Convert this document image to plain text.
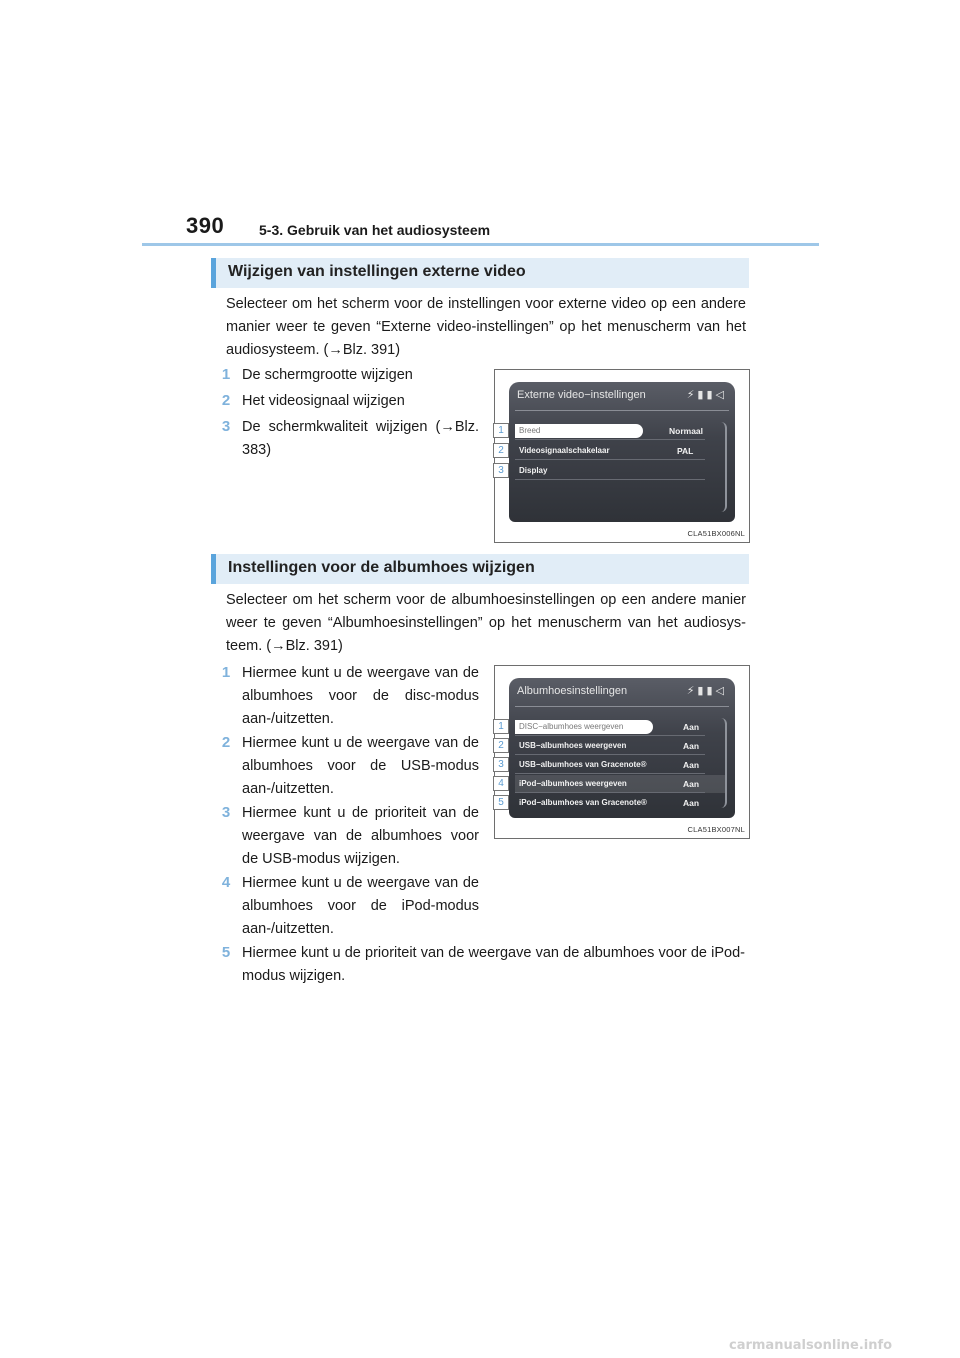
390 5-3. Gebruik van het audiosysteem
Wijzigen van instellingen externe video
Selecteer om het scherm voor de instellingen voor externe video op een andere manier weer te geven “Externe video-instellingen” op het menuscherm van het audiosysteem. (→Blz. 391)
1 De schermgrootte wijzigen
2 Het videosignaal wijzigen
3 De schermkwaliteit wijzigen (→Blz. 383)
Externe video−instellingen	⚡▮▮◁
Breed	Normaal
Videosignaalschakelaar	PAL
Display
1
2
3
CLA51BX006NL
Instellingen voor de albumhoes wijzigen
Selecteer om het scherm voor de albumhoesinstellingen op een andere manier weer te geven “Albumhoesinstellingen” op het menuscherm van het audiosys-teem. (→Blz. 391)
1 Hiermee kunt u de weergave van de albumhoes voor de disc-modus aan-/uitzetten.
2 Hiermee kunt u de weergave van de albumhoes voor de USB-modus aan-/uitzetten.
3 Hiermee kunt u de prioriteit van de weergave van de albumhoes voor de USB-modus wijzigen.
4 Hiermee kunt u de weergave van de albumhoes voor de iPod-modus aan-/uitzetten.
5 Hiermee kunt u de prioriteit van de weergave van de albumhoes voor de iPod-modus wijzigen.
Albumhoesinstellingen	⚡▮▮◁
DISC−albumhoes weergeven	Aan
USB−albumhoes weergeven	Aan
USB−albumhoes van Gracenote®	Aan
iPod−albumhoes weergeven	Aan
iPod−albumhoes van Gracenote®	Aan
1
2
3
4
5
CLA51BX007NL
carmanualsonline.info
